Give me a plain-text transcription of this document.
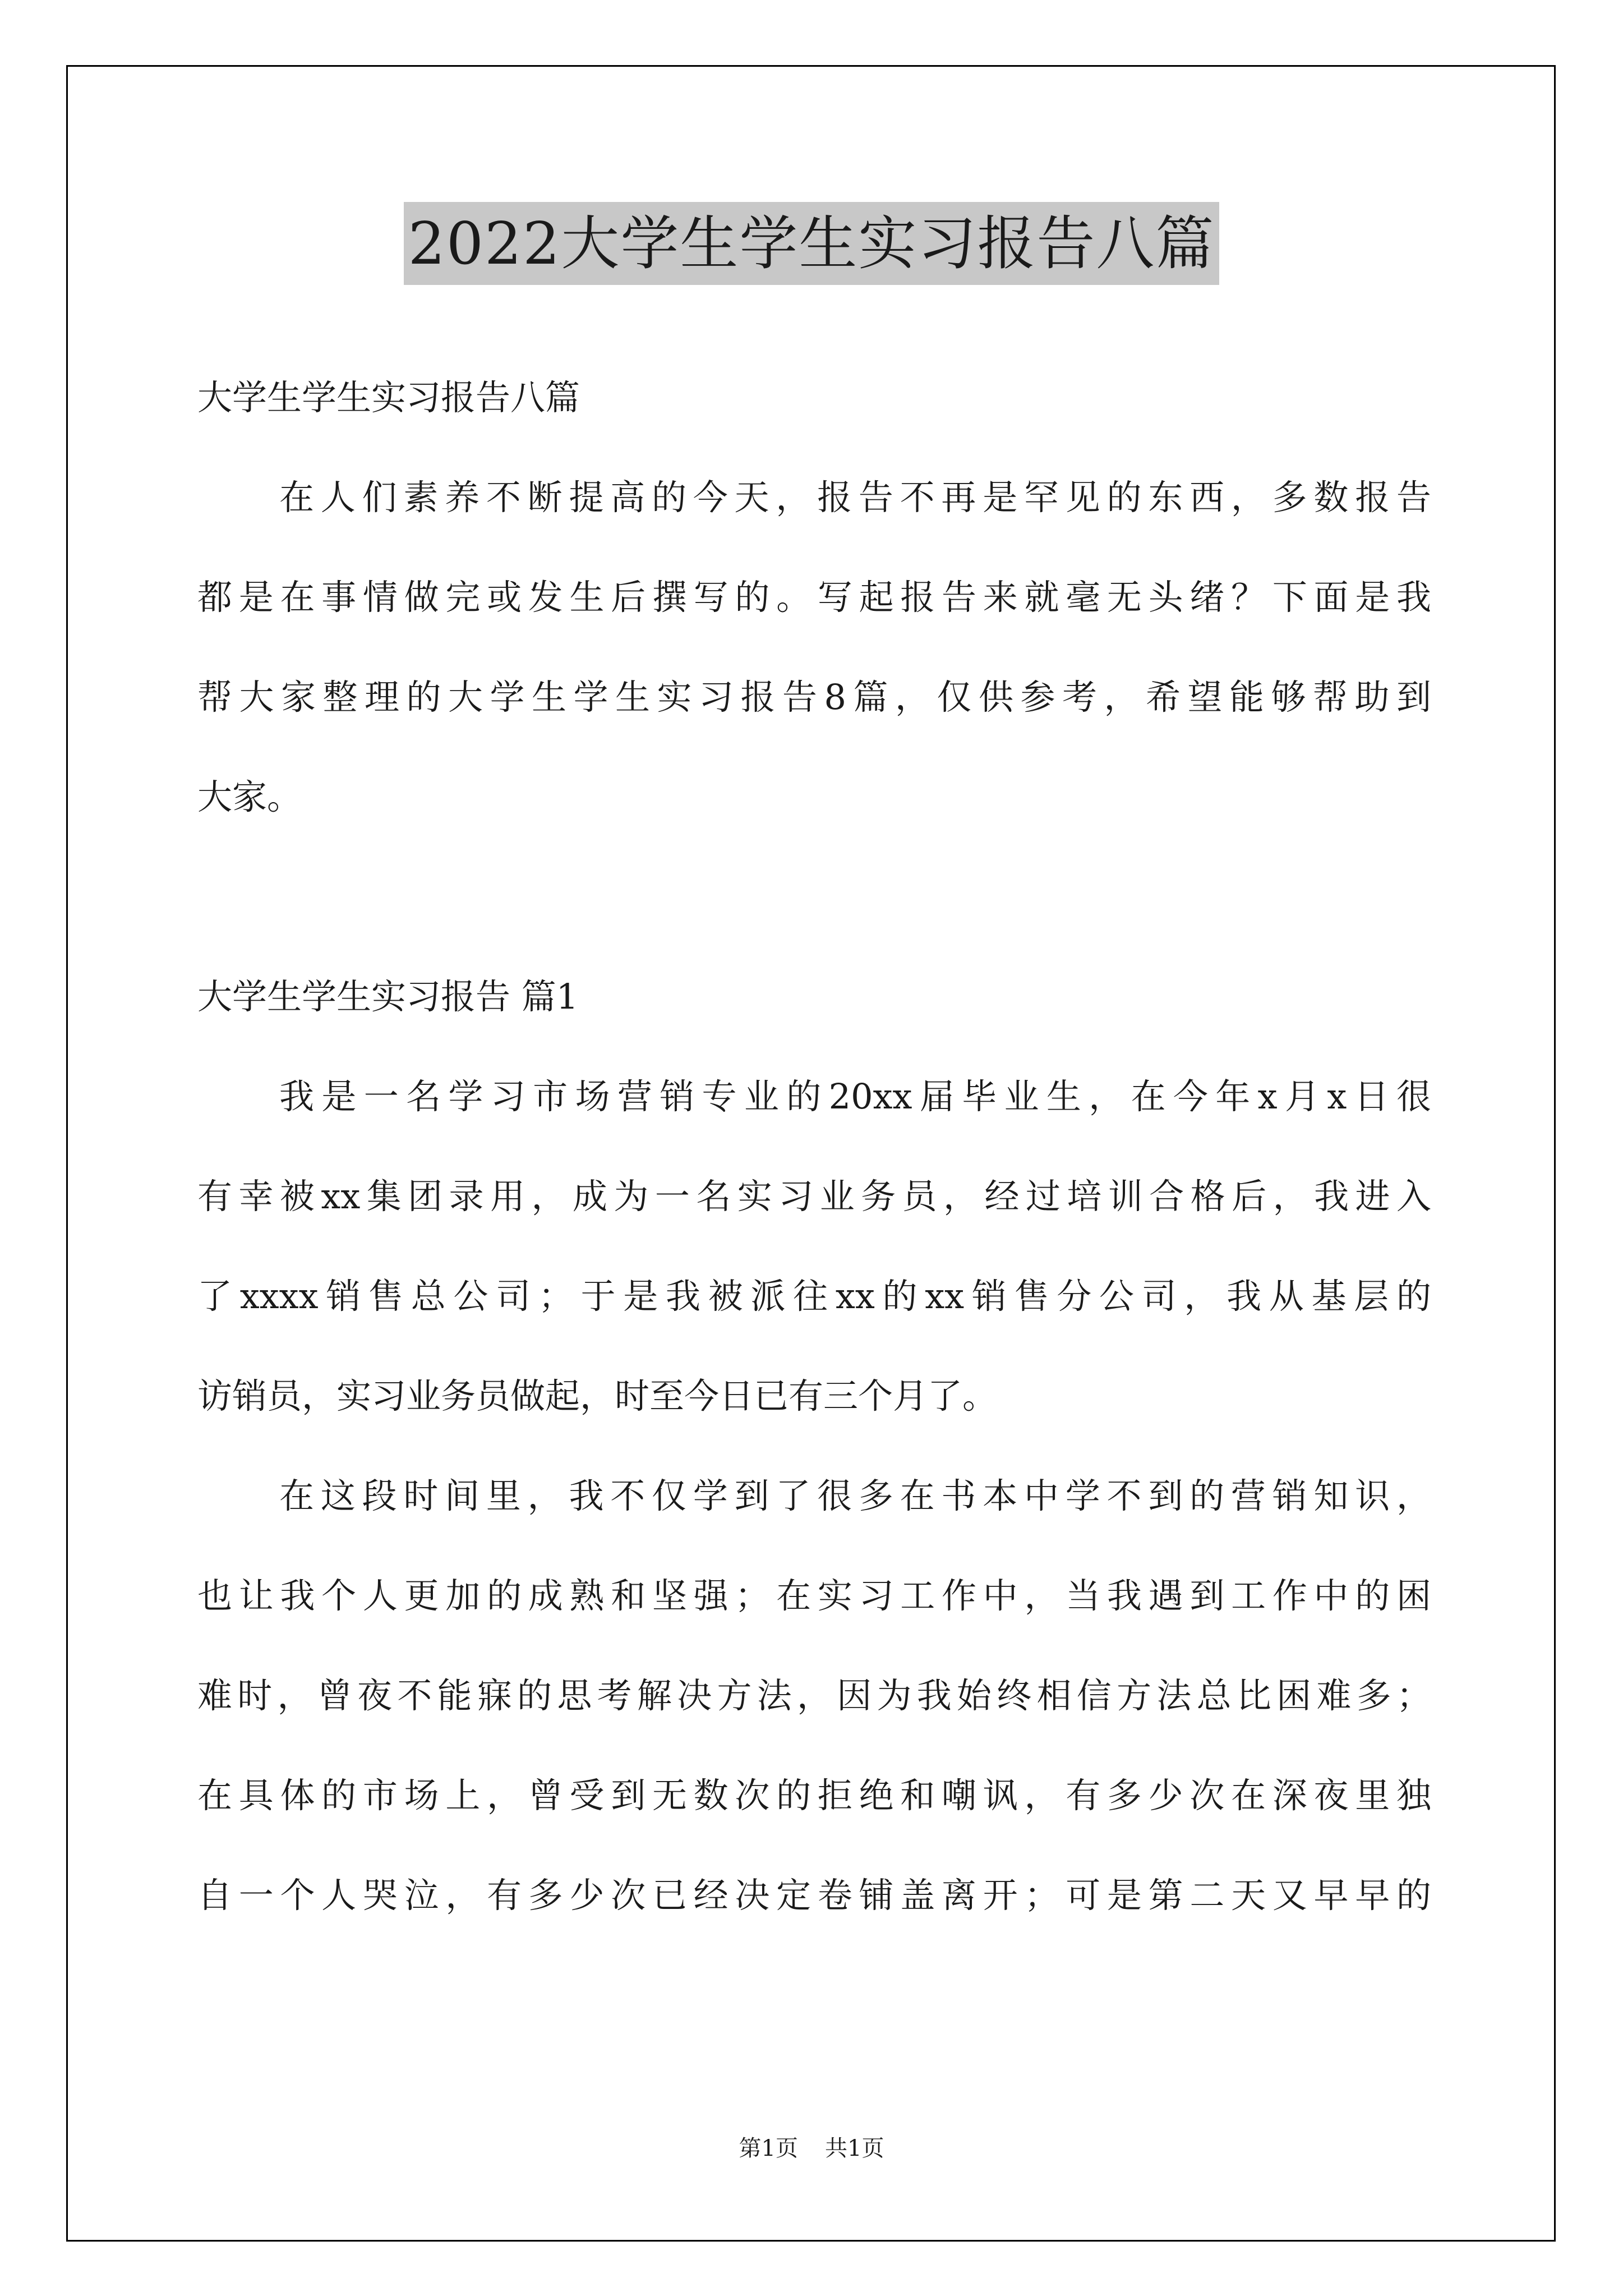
2022大学生学生实习报告八篇
大学生学生实习报告八篇
在人们素养不断提高的今天，报告不再是罕见的东西，多数报告
都是在事情做完或发生后撰写的。写起报告来就毫无头绪？下面是我
帮大家整理的大学生学生实习报告8篇，仅供参考，希望能够帮助到
大家。
大学生学生实习报告 篇1
我是一名学习市场营销专业的20xx届毕业生，在今年x月x日很
有幸被xx集团录用，成为一名实习业务员，经过培训合格后，我进入
了xxxx销售总公司；于是我被派往xx的xx销售分公司，我从基层的
访销员，实习业务员做起，时至今日已有三个月了。
在这段时间里，我不仅学到了很多在书本中学不到的营销知识，
也让我个人更加的成熟和坚强；在实习工作中，当我遇到工作中的困
难时，曾夜不能寐的思考解决方法，因为我始终相信方法总比困难多；
在具体的市场上，曾受到无数次的拒绝和嘲讽，有多少次在深夜里独
自一个人哭泣，有多少次已经决定卷铺盖离开；可是第二天又早早的
第1页 共1页
